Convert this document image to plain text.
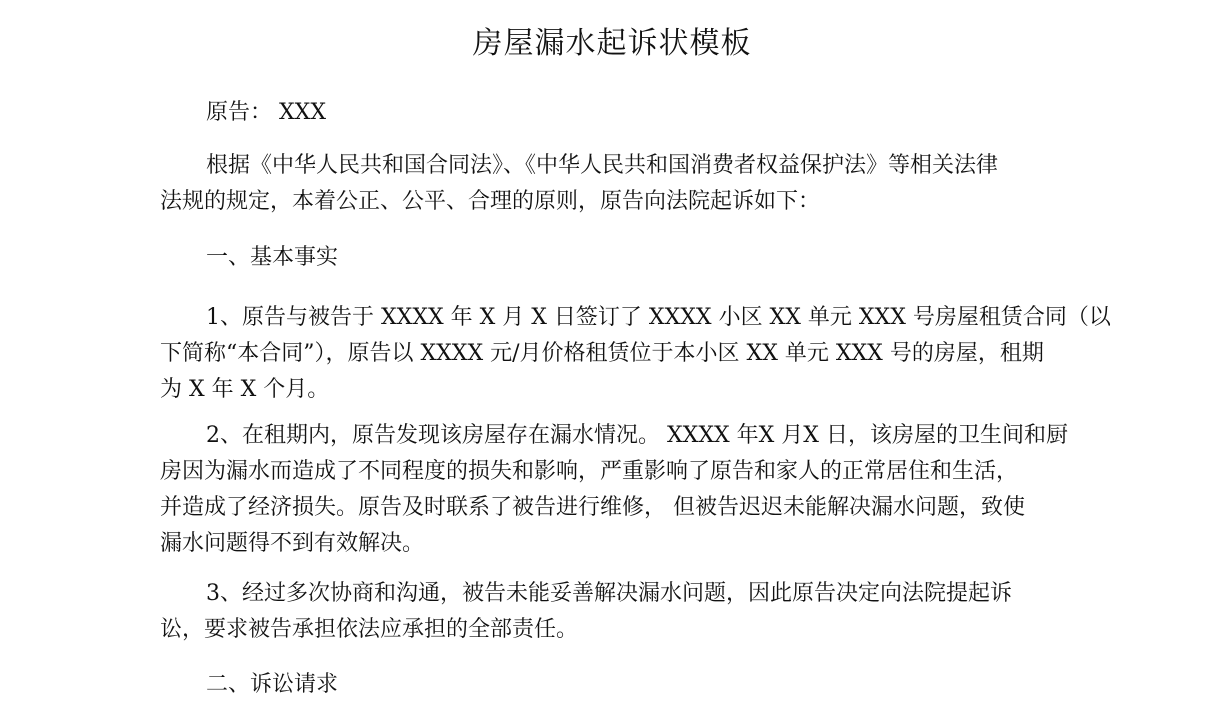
房屋漏水起诉状模板

原告： XXX

根据《中华人民共和国合同法》、《中华人民共和国消费者权益保护法》等相关法律
法规的规定，本着公正、公平、合理的原则，原告向法院起诉如下：

一、基本事实

1、原告与被告于 XXXX 年 X 月 X 日签订了 XXXX 小区 XX 单元 XXX 号房屋租赁合同（以
下简称“本合同”），原告以 XXXX 元/月价格租赁位于本小区 XX 单元 XXX 号的房屋，租期
为 X 年 X 个月。

2、在租期内，原告发现该房屋存在漏水情况。 XXXX 年X 月X 日，该房屋的卫生间和厨
房因为漏水而造成了不同程度的损失和影响，严重影响了原告和家人的正常居住和生活，
并造成了经济损失。原告及时联系了被告进行维修， 但被告迟迟未能解决漏水问题，致使
漏水问题得不到有效解决。

3、经过多次协商和沟通，被告未能妥善解决漏水问题，因此原告决定向法院提起诉
讼，要求被告承担依法应承担的全部责任。

二、诉讼请求
